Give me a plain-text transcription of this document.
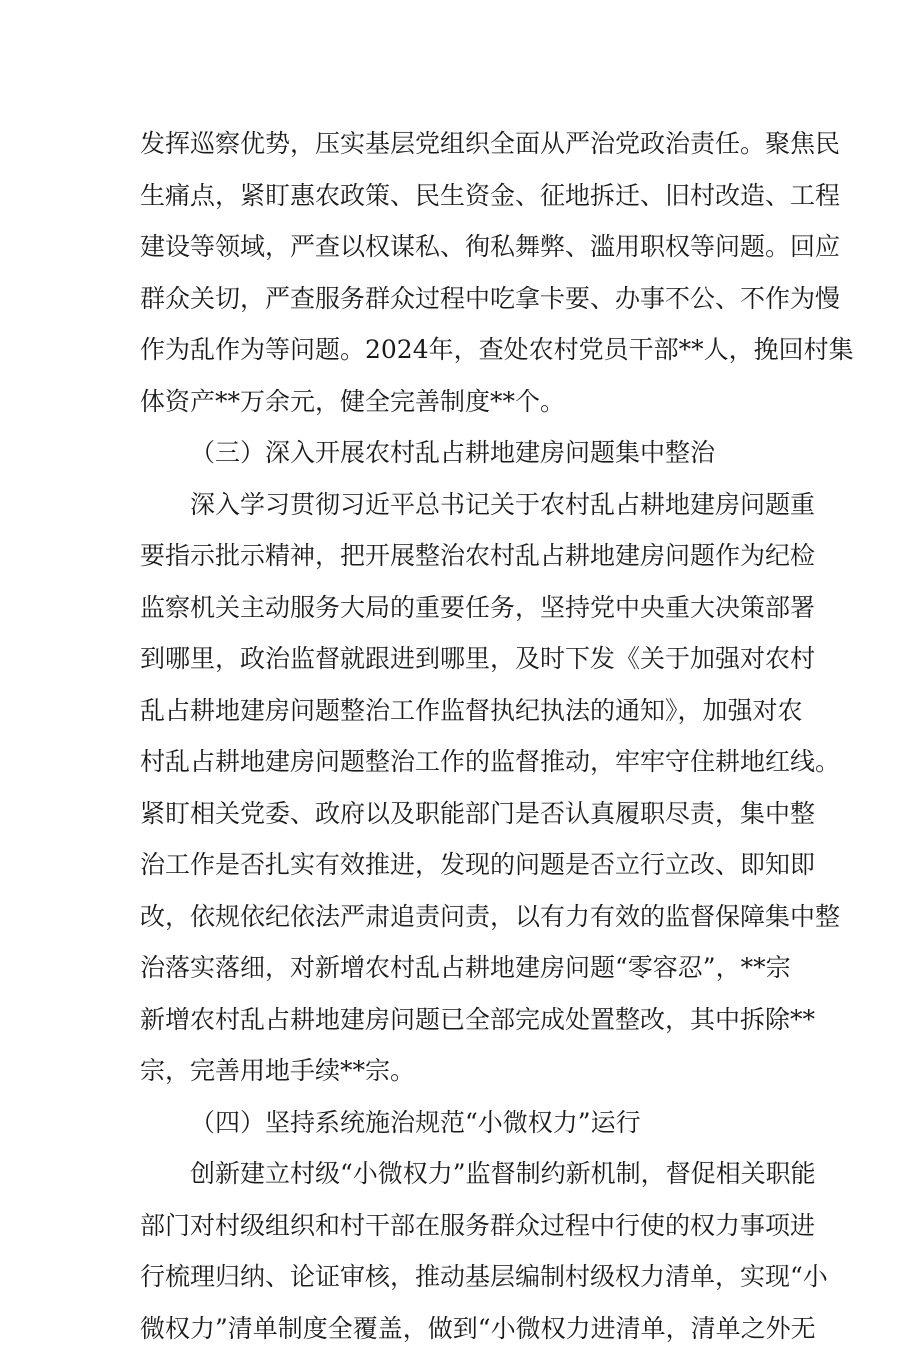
发挥巡察优势，压实基层党组织全面从严治党政治责任。聚焦民
生痛点，紧盯惠农政策、民生资金、征地拆迁、旧村改造、工程
建设等领域，严查以权谋私、徇私舞弊、滥用职权等问题。回应
群众关切，严查服务群众过程中吃拿卡要、办事不公、不作为慢
作为乱作为等问题。2024年，查处农村党员干部**人，挽回村集
体资产**万余元，健全完善制度**个。
（三）深入开展农村乱占耕地建房问题集中整治
深入学习贯彻习近平总书记关于农村乱占耕地建房问题重
要指示批示精神，把开展整治农村乱占耕地建房问题作为纪检
监察机关主动服务大局的重要任务，坚持党中央重大决策部署
到哪里，政治监督就跟进到哪里，及时下发《关于加强对农村
乱占耕地建房问题整治工作监督执纪执法的通知》，加强对农
村乱占耕地建房问题整治工作的监督推动，牢牢守住耕地红线。
紧盯相关党委、政府以及职能部门是否认真履职尽责，集中整
治工作是否扎实有效推进，发现的问题是否立行立改、即知即
改，依规依纪依法严肃追责问责，以有力有效的监督保障集中整
治落实落细，对新增农村乱占耕地建房问题“零容忍”，**宗
新增农村乱占耕地建房问题已全部完成处置整改，其中拆除**
宗，完善用地手续**宗。
（四）坚持系统施治规范“小微权力”运行
创新建立村级“小微权力”监督制约新机制，督促相关职能
部门对村级组织和村干部在服务群众过程中行使的权力事项进
行梳理归纳、论证审核，推动基层编制村级权力清单，实现“小
微权力”清单制度全覆盖，做到“小微权力进清单，清单之外无
